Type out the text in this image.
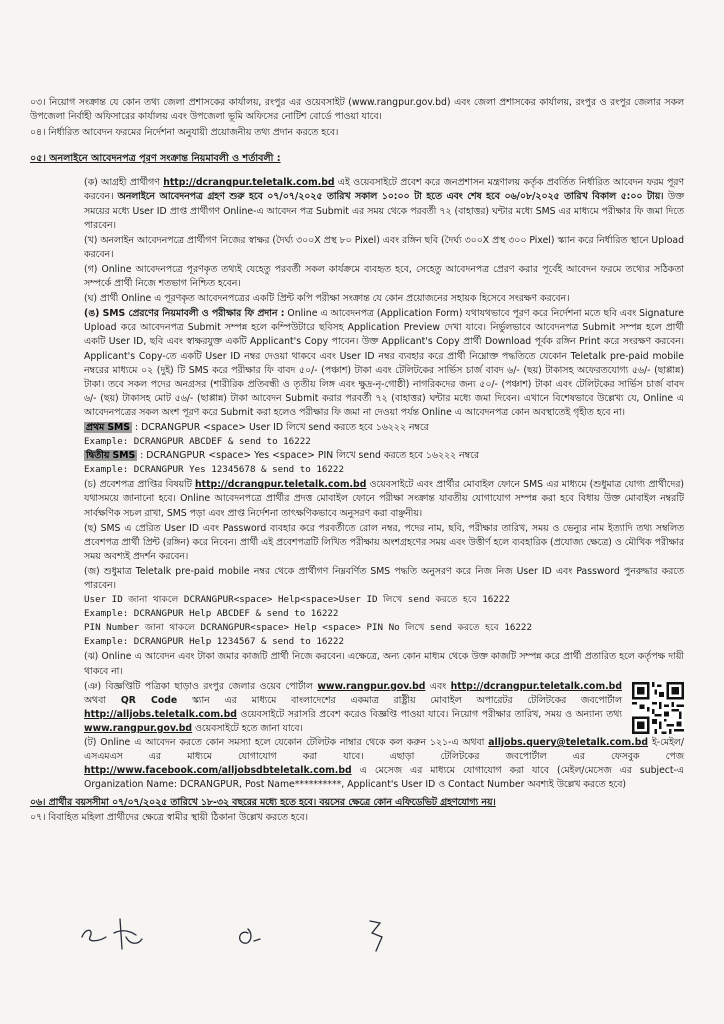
০৩। নিয়োগ সংক্রান্ত যে কোন তথ্য জেলা প্রশাসকের কার্যালয়, রংপুর এর ওয়েবসাইট (www.rangpur.gov.bd) এবং জেলা প্রশাসকের কার্যালয়, রংপুর ও রংপুর জেলার সকল উপজেলা নির্বাহী অফিসারের কার্যালয় এবং উপজেলা ভূমি অফিসের নোটিশ বোর্ডে পাওয়া যাবে।

০৪। নির্ধারিত আবেদন ফরমের নির্দেশনা অনুযায়ী প্রয়োজনীয় তথ্য প্রদান করতে হবে।

০৫। অনলাইনে আবেদনপত্র পূরণ সংক্রান্ত নিয়মাবলী ও শর্তাবলী :

(ক) আগ্রহী প্রার্থীগণ http://dcrangpur.teletalk.com.bd এই ওয়েবসাইটে প্রবেশ করে জনপ্রশাসন মন্ত্রণালয় কর্তৃক প্রবর্তিত নির্ধারিত আবেদন ফরম পূরণ করবেন। অনলাইনে আবেদনপত্র গ্রহণ শুরু হবে ০৭/০৭/২০২৫ তারিখ সকাল ১০:০০ টা হতে এবং শেষ হবে ০৬/০৮/২০২৫ তারিখ বিকাল ৫:০০ টায়। উক্ত সময়ের মধ্যে User ID প্রাপ্ত প্রার্থীগণ Online-এ আবেদন পত্র Submit এর সময় থেকে পরবর্তী ৭২ (বাহাত্তর) ঘন্টার মধ্যে SMS এর মাধ্যমে পরীক্ষার ফি জমা দিতে পারবেন।

(খ) অনলাইন আবেদনপত্রে প্রার্থীগণ নিজের স্বাক্ষর (দৈর্ঘ্য ৩০০X প্রস্থ ৮০ Pixel) এবং রঙ্গিন ছবি (দৈর্ঘ্য ৩০০X প্রস্থ ৩০০ Pixel) স্ক্যান করে নির্ধারিত স্থানে Upload করবেন।

(গ) Online আবেদনপত্রে পূরণকৃত তথ্যই যেহেতু পরবর্তী সকল কার্যক্রমে ব্যবহৃত হবে, সেহেতু আবেদনপত্র প্রেরণ করার পূর্বেই আবেদন ফরমে তথ্যের সঠিকতা সম্পর্কে প্রার্থী নিজে শতভাগ নিশ্চিত হবেন।

(ঘ) প্রার্থী Online এ পূরণকৃত আবেদনপত্রের একটি প্রিন্ট কপি পরীক্ষা সংক্রান্ত যে কোন প্রয়োজনের সহায়ক হিসেবে সংরক্ষণ করবেন।

(ঙ) SMS প্রেরণের নিয়মাবলী ও পরীক্ষার ফি প্রদান : Online এ আবেদনপত্র (Application Form) যথাযথভাবে পূরণ করে নির্দেশনা মতে ছবি এবং Signature Upload করে আবেদনপত্র Submit সম্পন্ন হলে কম্পিউটারে ছবিসহ Application Preview দেখা যাবে। নির্ভুলভাবে আবেদনপত্র Submit সম্পন্ন হলে প্রার্থী একটি User ID, ছবি এবং স্বাক্ষরযুক্ত একটি Applicant's Copy পাবেন। উক্ত Applicant's Copy প্রার্থী Download পূর্বক রঙ্গিন Print করে সংরক্ষণ করবেন। Applicant's Copy-তে একটি User ID নম্বর দেওয়া থাকবে এবং User ID নম্বর ব্যবহার করে প্রার্থী নিম্নোক্ত পদ্ধতিতে যেকোন Teletalk pre-paid mobile নম্বরের মাধ্যমে ০২ (দুই) টি SMS করে পরীক্ষার ফি বাবদ ৫০/- (পঞ্চাশ) টাকা এবং টেলিটকের সার্ভিস চার্জ বাবদ ৬/- (ছয়) টাকাসহ অফেরতযোগ্য ৫৬/- (ছাপ্পান্ন) টাকা। তবে সকল পদের অনগ্রসর (শারীরিক প্রতিবন্ধী ও তৃতীয় লিঙ্গ এবং ক্ষুদ্র-নৃ-গোষ্ঠী) নাগরিকদের জন্য ৫০/- (পঞ্চাশ) টাকা এবং টেলিটকের সার্ভিস চার্জ বাবদ ৬/- (ছয়) টাকাসহ মোট ৫৬/- (ছাপ্পান্ন) টাকা আবেদন Submit করার পরবর্তী ৭২ (বাহাত্তর) ঘন্টার মধ্যে জমা দিবেন। এখানে বিশেষভাবে উল্লেখ্য যে, Online এ আবেদনপত্রের সকল অংশ পূরণ করে Submit করা হলেও পরীক্ষার ফি জমা না দেওয়া পর্যন্ত Online এ আবেদনপত্র কোন অবস্থাতেই গৃহীত হবে না।

প্রথম SMS : DCRANGPUR <space> User ID লিখে send করতে হবে ১৬২২২ নম্বরে

Example: DCRANGPUR ABCDEF & send to 16222

দ্বিতীয় SMS : DCRANGPUR <space> Yes <space> PIN লিখে send করতে হবে ১৬২২২ নম্বরে

Example: DCRANGPUR Yes 12345678 & send to 16222

(চ) প্রবেশপত্র প্রাপ্তির বিষয়টি http://dcrangpur.teletalk.com.bd ওয়েবসাইটে এবং প্রার্থীর মোবাইল ফোনে SMS এর মাধ্যমে (শুধুমাত্র যোগ্য প্রার্থীদের) যথাসময়ে জানানো হবে। Online আবেদনপত্রে প্রার্থীর প্রদত্ত মোবাইল ফোনে পরীক্ষা সংক্রান্ত যাবতীয় যোগাযোগ সম্পন্ন করা হবে বিধায় উক্ত মোবাইল নম্বরটি সার্বক্ষণিক সচল রাখা, SMS পড়া এবং প্রাপ্ত নির্দেশনা তাৎক্ষণিকভাবে অনুসরণ করা বাঞ্ছনীয়।

(ছ) SMS এ প্রেরিত User ID এবং Password ব্যবহার করে পরবর্তীতে রোল নম্বর, পদের নাম, ছবি, পরীক্ষার তারিখ, সময় ও ভেন্যুর নাম ইত্যাদি তথ্য সম্বলিত প্রবেশপত্র প্রার্থী প্রিন্ট (রঙ্গিন) করে নিবেন। প্রার্থী এই প্রবেশপত্রটি লিখিত পরীক্ষায় অংশগ্রহণের সময় এবং উত্তীর্ণ হলে ব্যবহারিক (প্রযোজ্য ক্ষেত্রে) ও মৌখিক পরীক্ষার সময় অবশ্যই প্রদর্শন করবেন।

(জ) শুধুমাত্র Teletalk pre-paid mobile নম্বর থেকে প্রার্থীগণ নিম্নবর্ণিত SMS পদ্ধতি অনুসরণ করে নিজ নিজ User ID এবং Password পুনরুদ্ধার করতে পারবেন।

User ID জানা থাকলে DCRANGPUR<space> Help<space>User ID লিখে send করতে হবে 16222

Example: DCRANGPUR Help ABCDEF & send to 16222

PIN Number জানা থাকলে DCRANGPUR<space> Help <space> PIN No লিখে send করতে হবে 16222

Example: DCRANGPUR Help 1234567 & send to 16222

(ঝ) Online এ আবেদন এবং টাকা জমার কাজটি প্রার্থী নিজে করবেন। এক্ষেত্রে, অন্য কোন মাধ্যম থেকে উক্ত কাজটি সম্পন্ন করে প্রার্থী প্রতারিত হলে কর্তৃপক্ষ দায়ী থাকবে না।

(ঞ) বিজ্ঞপ্তিটি পত্রিকা ছাড়াও রংপুর জেলার ওয়েব পোর্টাল www.rangpur.gov.bd এবং http://dcrangpur.teletalk.com.bd অথবা QR Code স্ক্যান এর মাধ্যমে বাংলাদেশের একমাত্র রাষ্ট্রীয় মোবাইল অপারেটর টেলিটকের জবপোর্টাল http://alljobs.teletalk.com.bd ওয়েবসাইটে সরাসরি প্রবেশ করেও বিজ্ঞপ্তি পাওয়া যাবে। নিয়োগ পরীক্ষার তারিখ, সময় ও অন্যান্য তথ্য www.rangpur.gov.bd ওয়েবসাইটে হতে জানা যাবে।

(ট) Online এ আবেদন করতে কোন সমস্যা হলে যেকোন টেলিটক নাম্বার থেকে কল করুন ১২১-এ অথবা alljobs.query@teletalk.com.bd ই-মেইল/এসএমএস এর মাধ্যমে যোগাযোগ করা যাবে। এছাড়া টেলিটকের জবপোর্টাল এর ফেসবুক পেজ http://www.facebook.com/alljobsdbteletalk.com.bd এ মেসেজ এর মাধ্যমে যোগাযোগ করা যাবে (মেইল/মেসেজ এর subject-এ Organization Name: DCRANGPUR, Post Name**********, Applicant's User ID ও Contact Number অবশ্যই উল্লেখ করতে হবে)

০৬। প্রার্থীর বয়সসীমা ০৭/০৭/২০২৫ তারিখে ১৮-৩২ বছরের মধ্যে হতে হবে। বয়সের ক্ষেত্রে কোন এফিডেভিট গ্রহণযোগ্য নয়।

০৭। বিবাহিত মহিলা প্রার্থীদের ক্ষেত্রে স্বামীর স্থায়ী ঠিকানা উল্লেখ করতে হবে।
